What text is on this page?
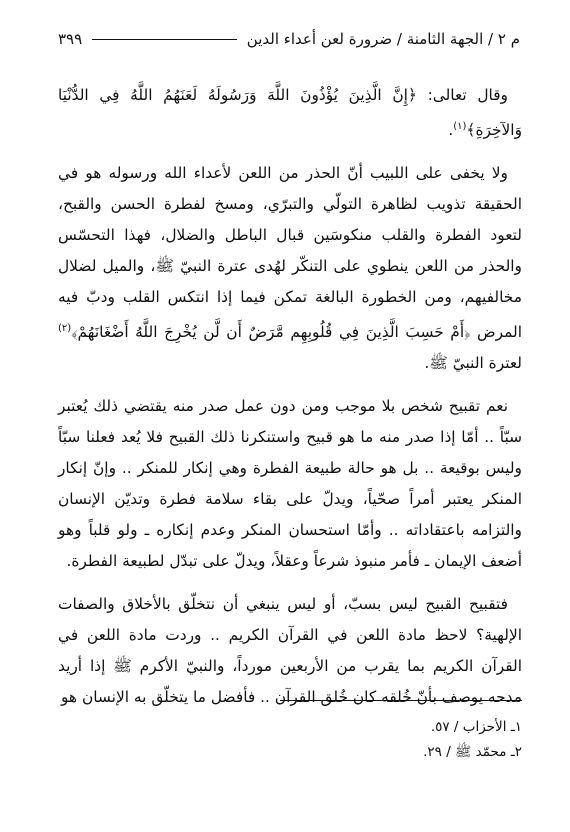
م ٢ / الجهة الثامنة / ضرورة لعن أعداء الدين
٣٩٩

وقال تعالى: ﴿إِنَّ الَّذِينَ يُؤْذُونَ اللَّهَ وَرَسُولَهُ لَعَنَهُمُ اللَّهُ فِي الدُّنْيَا وَالآخِرَةِ﴾$^{(١)}$.

ولا يخفى على اللبيب أنّ الحذر من اللعن لأعداء الله ورسوله هو في الحقيقة تذويب لظاهرة التولّي والتبرّي، ومسخ لفطرة الحسن والقبح، لتعود الفطرة والقلب منكوسَين قبال الباطل والضلال، فهذا التحسّس والحذر من اللعن ينطوي على التنكّر لهُدى عترة النبيّ ﷺ، والميل لضلال مخالفيهم، ومن الخطورة البالغة تمكن فيما إذا انتكس القلب ودبّ فيه المرض ﴿أَمْ حَسِبَ الَّذِينَ فِي قُلُوبِهِم مَّرَضٌ أَن لَّن يُخْرِجَ اللَّهُ أَضْغَانَهُمْ﴾$^{(٢)}$ لعترة النبيّ ﷺ.

نعم تقبيح شخص بلا موجب ومن دون عمل صدر منه يقتضي ذلك يُعتبر سبّاً .. أمّا إذا صدر منه ما هو قبيح واستنكرنا ذلك القبيح فلا يُعد فعلنا سبّاً وليس بوقيعة .. بل هو حالة طبيعة الفطرة وهي إنكار للمنكر .. وإنّ إنكار المنكر يعتبر أمراً صحّياً، ويدلّ على بقاء سلامة فطرة وتديّن الإنسان والتزامه باعتقاداته .. وأمّا استحسان المنكر وعدم إنكاره ـ ولو قلباً وهو أضعف الإيمان ـ فأمر منبوذ شرعاً وعقلاً، ويدلّ على تبدّل لطبيعة الفطرة.

فتقبيح القبيح ليس بسبّ، أو ليس ينبغي أن نتخلّق بالأخلاق والصفات الإلهية؟ لاحظ مادة اللعن في القرآن الكريم .. وردت مادة اللعن في القرآن الكريم بما يقرب من الأربعين مورداً، والنبيّ الأكرم ﷺ إذا أريد مدحه يوصف بأنّ خُلقه كان خُلق القرآن .. فأفضل ما يتخلّق به الإنسان هو

١ـ الأحزاب / ٥٧.
٢ـ محمّد ﷺ / ٢٩.
